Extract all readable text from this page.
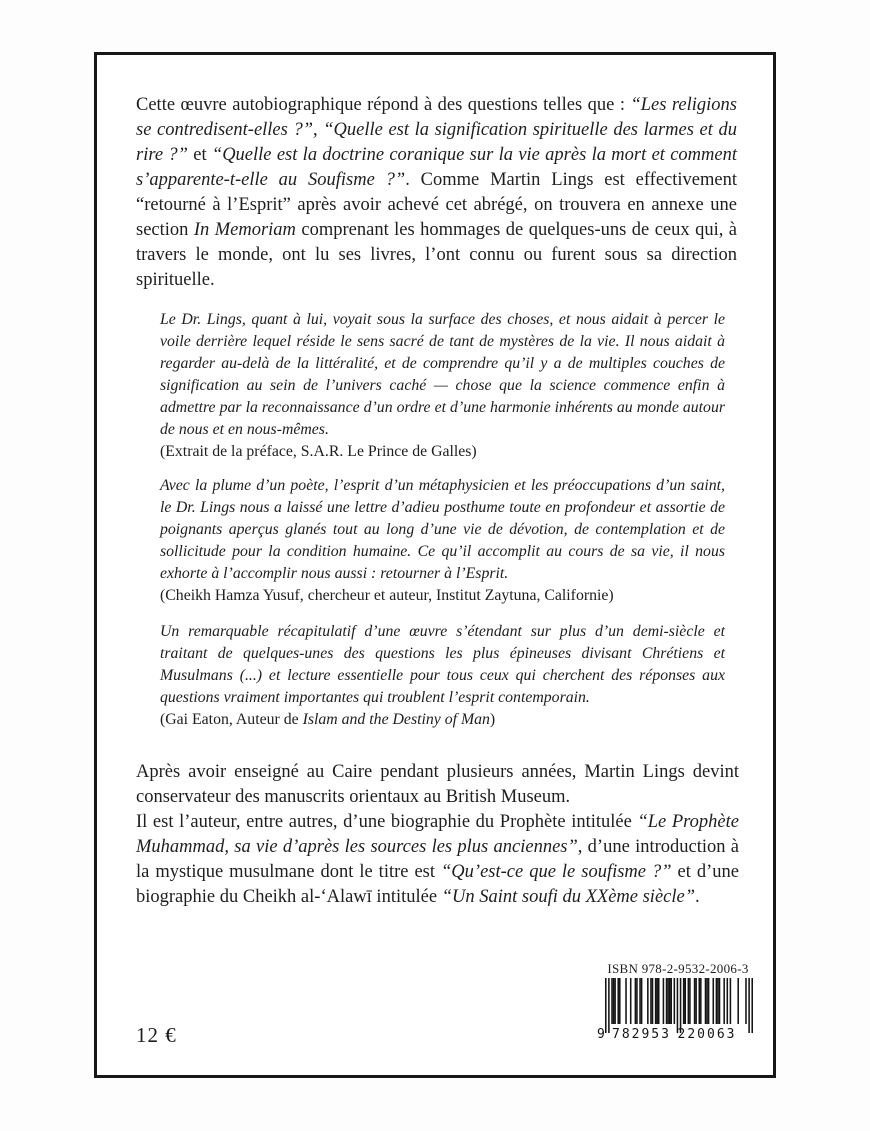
Cette œuvre autobiographique répond à des questions telles que : “Les religions se contredisent-elles ?”, “Quelle est la signification spirituelle des larmes et du rire ?” et “Quelle est la doctrine coranique sur la vie après la mort et comment s’apparente-t-elle au Soufisme ?”. Comme Martin Lings est effectivement “retourné à l’Esprit” après avoir achevé cet abrégé, on trouvera en annexe une section In Memoriam comprenant les hommages de quelques-uns de ceux qui, à travers le monde, ont lu ses livres, l’ont connu ou furent sous sa direction spirituelle.

Le Dr. Lings, quant à lui, voyait sous la surface des choses, et nous aidait à percer le voile derrière lequel réside le sens sacré de tant de mystères de la vie. Il nous aidait à regarder au-delà de la littéralité, et de comprendre qu’il y a de multiples couches de signification au sein de l’univers caché — chose que la science commence enfin à admettre par la reconnaissance d’un ordre et d’une harmonie inhérents au monde autour de nous et en nous-mêmes.

(Extrait de la préface, S.A.R. Le Prince de Galles)

Avec la plume d’un poète, l’esprit d’un métaphysicien et les préoccupations d’un saint, le Dr. Lings nous a laissé une lettre d’adieu posthume toute en profondeur et assortie de poignants aperçus glanés tout au long d’une vie de dévotion, de contemplation et de sollicitude pour la condition humaine. Ce qu’il accomplit au cours de sa vie, il nous exhorte à l’accomplir nous aussi : retourner à l’Esprit.

(Cheikh Hamza Yusuf, chercheur et auteur, Institut Zaytuna, Californie)

Un remarquable récapitulatif d’une œuvre s’étendant sur plus d’un demi-siècle et traitant de quelques-unes des questions les plus épineuses divisant Chrétiens et Musulmans (...) et lecture essentielle pour tous ceux qui cherchent des réponses aux questions vraiment importantes qui troublent l’esprit contemporain.

(Gai Eaton, Auteur de Islam and the Destiny of Man)

Après avoir enseigné au Caire pendant plusieurs années, Martin Lings devint conservateur des manuscrits orientaux au British Museum.

Il est l’auteur, entre autres, d’une biographie du Prophète intitulée “Le Prophète Muhammad, sa vie d’après les sources les plus anciennes”, d’une introduction à la mystique musulmane dont le titre est “Qu’est-ce que le soufisme ?” et d’une biographie du Cheikh al-‘Alawī intitulée “Un Saint soufi du XXème siècle”.

12 €
ISBN 978-2-9532-2006-3
9 782953 220063
